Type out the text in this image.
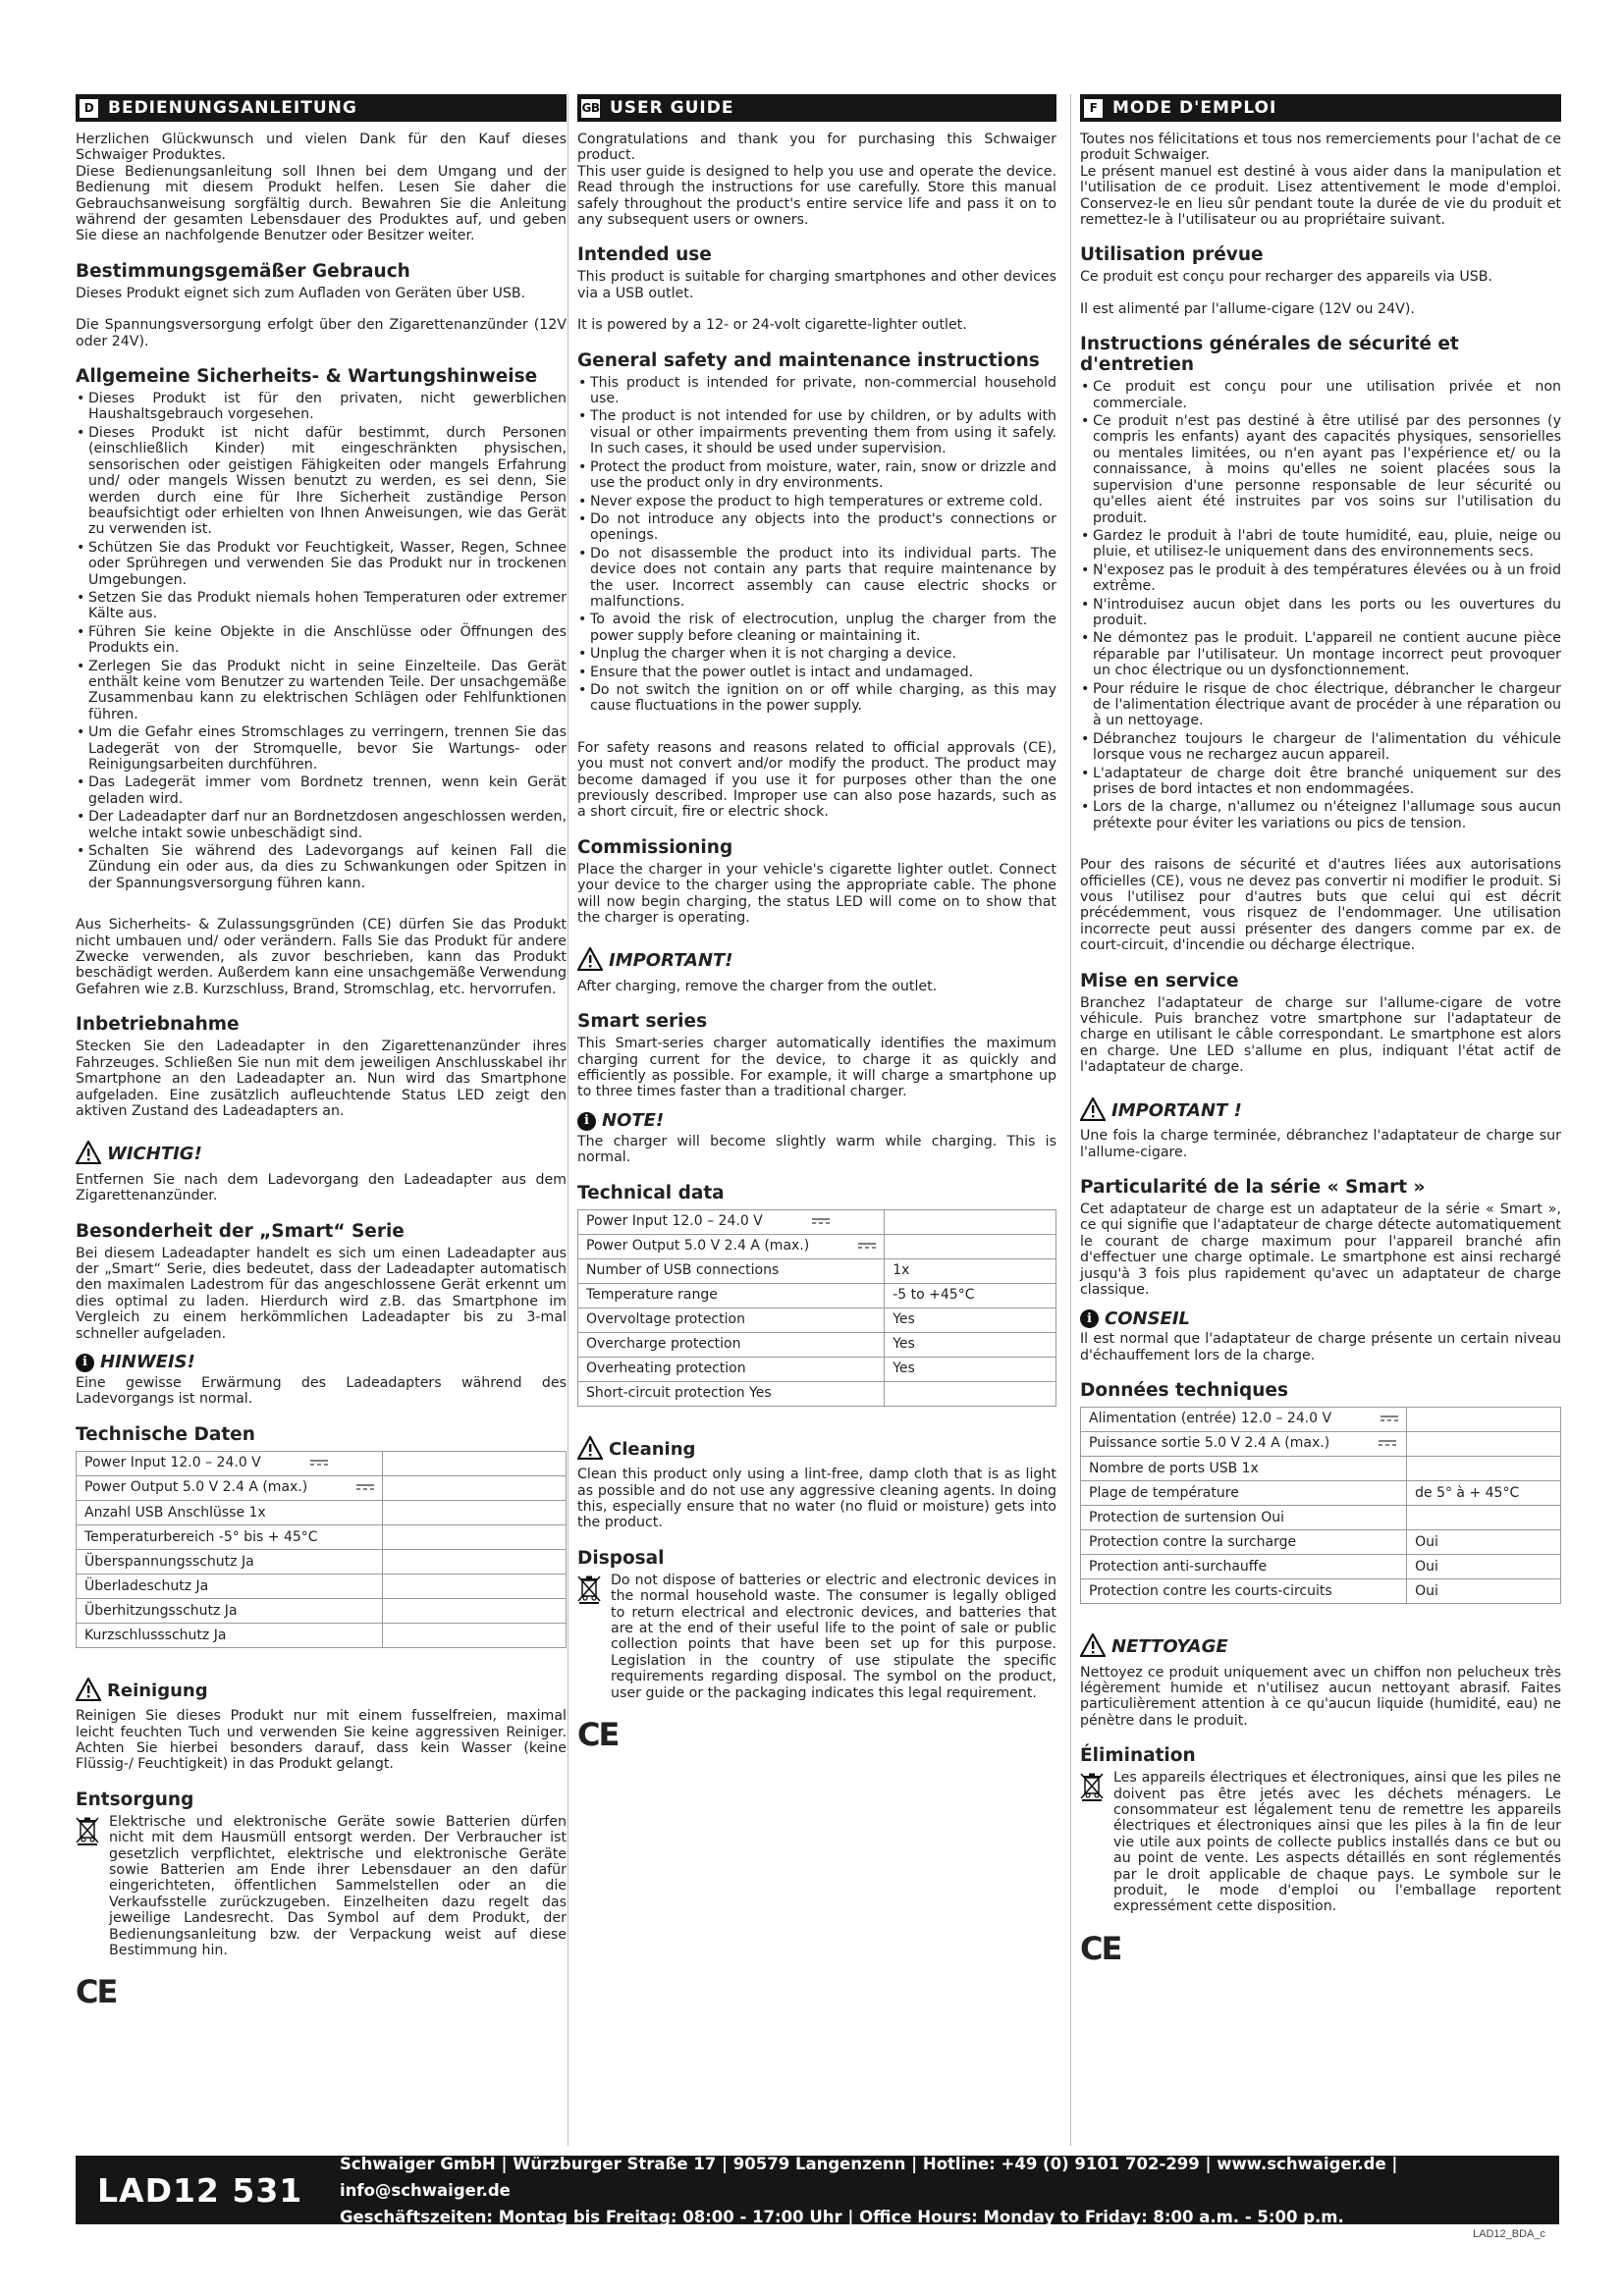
D BEDIENUNGSANLEITUNG

Herzlichen Glückwunsch und vielen Dank für den Kauf dieses Schwaiger Produktes.

Diese Bedienungsanleitung soll Ihnen bei dem Umgang und der Bedienung mit diesem Produkt helfen. Lesen Sie daher die Gebrauchsanweisung sorgfältig durch. Bewahren Sie die Anleitung während der gesamten Lebensdauer des Produktes auf, und geben Sie diese an nachfolgende Benutzer oder Besitzer weiter.

Bestimmungsgemäßer Gebrauch

Dieses Produkt eignet sich zum Aufladen von Geräten über USB.

Die Spannungsversorgung erfolgt über den Zigarettenanzünder (12V oder 24V).

Allgemeine Sicherheits- & Wartungshinweise
• Dieses Produkt ist für den privaten, nicht gewerblichen Haushaltsgebrauch vorgesehen.
• Dieses Produkt ist nicht dafür bestimmt, durch Personen (einschließlich Kinder) mit eingeschränkten physischen, sensorischen oder geistigen Fähigkeiten oder mangels Erfahrung und/ oder mangels Wissen benutzt zu werden, es sei denn, Sie werden durch eine für Ihre Sicherheit zuständige Person beaufsichtigt oder erhielten von Ihnen Anweisungen, wie das Gerät zu verwenden ist.
• Schützen Sie das Produkt vor Feuchtigkeit, Wasser, Regen, Schnee oder Sprühregen und verwenden Sie das Produkt nur in trockenen Umgebungen.
• Setzen Sie das Produkt niemals hohen Temperaturen oder extremer Kälte aus.
• Führen Sie keine Objekte in die Anschlüsse oder Öffnungen des Produkts ein.
• Zerlegen Sie das Produkt nicht in seine Einzelteile. Das Gerät enthält keine vom Benutzer zu wartenden Teile. Der unsachgemäße Zusammenbau kann zu elektrischen Schlägen oder Fehlfunktionen führen.
• Um die Gefahr eines Stromschlages zu verringern, trennen Sie das Ladegerät von der Stromquelle, bevor Sie Wartungs- oder Reinigungsarbeiten durchführen.
• Das Ladegerät immer vom Bordnetz trennen, wenn kein Gerät geladen wird.
• Der Ladeadapter darf nur an Bordnetzdosen angeschlossen werden, welche intakt sowie unbeschädigt sind.
• Schalten Sie während des Ladevorgangs auf keinen Fall die Zündung ein oder aus, da dies zu Schwankungen oder Spitzen in der Spannungsversorgung führen kann.

Aus Sicherheits- & Zulassungsgründen (CE) dürfen Sie das Produkt nicht umbauen und/ oder verändern. Falls Sie das Produkt für andere Zwecke verwenden, als zuvor beschrieben, kann das Produkt beschädigt werden. Außerdem kann eine unsachgemäße Verwendung Gefahren wie z.B. Kurzschluss, Brand, Stromschlag, etc. hervorrufen.

Inbetriebnahme

Stecken Sie den Ladeadapter in den Zigarettenanzünder ihres Fahrzeuges. Schließen Sie nun mit dem jeweiligen Anschlusskabel ihr Smartphone an den Ladeadapter an. Nun wird das Smartphone aufgeladen. Eine zusätzlich aufleuchtende Status LED zeigt den aktiven Zustand des Ladeadapters an.

WICHTIG!

Entfernen Sie nach dem Ladevorgang den Ladeadapter aus dem Zigarettenanzünder.

Besonderheit der „Smart“ Serie

Bei diesem Ladeadapter handelt es sich um einen Ladeadapter aus der „Smart“ Serie, dies bedeutet, dass der Ladeadapter automatisch den maximalen Ladestrom für das angeschlossene Gerät erkennt um dies optimal zu laden. Hierdurch wird z.B. das Smartphone im Vergleich zu einem herkömmlichen Ladeadapter bis zu 3-mal schneller aufgeladen.

i HINWEIS!

Eine gewisse Erwärmung des Ladeadapters während des Ladevorgangs ist normal.

Technische Daten
Power Input 12.0 – 24.0 V	
Power Output 5.0 V 2.4 A (max.)	
Anzahl USB Anschlüsse 1x	
Temperaturbereich -5° bis + 45°C	
Überspannungsschutz Ja	
Überladeschutz Ja	
Überhitzungsschutz Ja	
Kurzschlussschutz Ja	
Reinigung

Reinigen Sie dieses Produkt nur mit einem fusselfreien, maximal leicht feuchten Tuch und verwenden Sie keine aggressiven Reiniger. Achten Sie hierbei besonders darauf, dass kein Wasser (keine Flüssig-/ Feuchtigkeit) in das Produkt gelangt.

Entsorgung

Elektrische und elektronische Geräte sowie Batterien dürfen nicht mit dem Hausmüll entsorgt werden. Der Verbraucher ist gesetzlich verpflichtet, elektrische und elektronische Geräte sowie Batterien am Ende ihrer Lebensdauer an den dafür eingerichteten, öffentlichen Sammelstellen oder an die Verkaufsstelle zurückzugeben. Einzelheiten dazu regelt das jeweilige Landesrecht. Das Symbol auf dem Produkt, der Bedienungsanleitung bzw. der Verpackung weist auf diese Bestimmung hin.

CE
GB USER GUIDE

Congratulations and thank you for purchasing this Schwaiger product.

This user guide is designed to help you use and operate the device. Read through the instructions for use carefully. Store this manual safely throughout the product's entire service life and pass it on to any subsequent users or owners.

Intended use

This product is suitable for charging smartphones and other devices via a USB outlet.

It is powered by a 12- or 24-volt cigarette-lighter outlet.

General safety and maintenance instructions
• This product is intended for private, non-commercial household use.
• The product is not intended for use by children, or by adults with visual or other impairments preventing them from using it safely. In such cases, it should be used under supervision.
• Protect the product from moisture, water, rain, snow or drizzle and use the product only in dry environments.
• Never expose the product to high temperatures or extreme cold.
• Do not introduce any objects into the product's connections or openings.
• Do not disassemble the product into its individual parts. The device does not contain any parts that require maintenance by the user. Incorrect assembly can cause electric shocks or malfunctions.
• To avoid the risk of electrocution, unplug the charger from the power supply before cleaning or maintaining it.
• Unplug the charger when it is not charging a device.
• Ensure that the power outlet is intact and undamaged.
• Do not switch the ignition on or off while charging, as this may cause fluctuations in the power supply.

For safety reasons and reasons related to official approvals (CE), you must not convert and/or modify the product. The product may become damaged if you use it for purposes other than the one previously described. Improper use can also pose hazards, such as a short circuit, fire or electric shock.

Commissioning

Place the charger in your vehicle's cigarette lighter outlet. Connect your device to the charger using the appropriate cable. The phone will now begin charging, the status LED will come on to show that the charger is operating.

IMPORTANT!

After charging, remove the charger from the outlet.

Smart series

This Smart-series charger automatically identifies the maximum charging current for the device, to charge it as quickly and efficiently as possible. For example, it will charge a smartphone up to three times faster than a traditional charger.

i NOTE!

The charger will become slightly warm while charging. This is normal.

Technical data
Power Input 12.0 – 24.0 V	
Power Output 5.0 V 2.4 A (max.)	
Number of USB connections	1x
Temperature range	-5 to +45°C
Overvoltage protection	Yes
Overcharge protection	Yes
Overheating protection	Yes
Short-circuit protection Yes	
Cleaning

Clean this product only using a lint-free, damp cloth that is as light as possible and do not use any aggressive cleaning agents. In doing this, especially ensure that no water (no fluid or moisture) gets into the product.

Disposal

Do not dispose of batteries or electric and electronic devices in the normal household waste. The consumer is legally obliged to return electrical and electronic devices, and batteries that are at the end of their useful life to the point of sale or public collection points that have been set up for this purpose. Legislation in the country of use stipulate the specific requirements regarding disposal. The symbol on the product, user guide or the packaging indicates this legal requirement.

CE
F MODE D'EMPLOI

Toutes nos félicitations et tous nos remerciements pour l'achat de ce produit Schwaiger.

Le présent manuel est destiné à vous aider dans la manipulation et l'utilisation de ce produit. Lisez attentivement le mode d'emploi. Conservez-le en lieu sûr pendant toute la durée de vie du produit et remettez-le à l'utilisateur ou au propriétaire suivant.

Utilisation prévue

Ce produit est conçu pour recharger des appareils via USB.

Il est alimenté par l'allume-cigare (12V ou 24V).

Instructions générales de sécurité et d'entretien
• Ce produit est conçu pour une utilisation privée et non commerciale.
• Ce produit n'est pas destiné à être utilisé par des personnes (y compris les enfants) ayant des capacités physiques, sensorielles ou mentales limitées, ou n'en ayant pas l'expérience et/ ou la connaissance, à moins qu'elles ne soient placées sous la supervision d'une personne responsable de leur sécurité ou qu'elles aient été instruites par vos soins sur l'utilisation du produit.
• Gardez le produit à l'abri de toute humidité, eau, pluie, neige ou pluie, et utilisez-le uniquement dans des environnements secs.
• N'exposez pas le produit à des températures élevées ou à un froid extrême.
• N'introduisez aucun objet dans les ports ou les ouvertures du produit.
• Ne démontez pas le produit. L'appareil ne contient aucune pièce réparable par l'utilisateur. Un montage incorrect peut provoquer un choc électrique ou un dysfonctionnement.
• Pour réduire le risque de choc électrique, débrancher le chargeur de l'alimentation électrique avant de procéder à une réparation ou à un nettoyage.
• Débranchez toujours le chargeur de l'alimentation du véhicule lorsque vous ne rechargez aucun appareil.
• L'adaptateur de charge doit être branché uniquement sur des prises de bord intactes et non endommagées.
• Lors de la charge, n'allumez ou n'éteignez l'allumage sous aucun prétexte pour éviter les variations ou pics de tension.

Pour des raisons de sécurité et d'autres liées aux autorisations officielles (CE), vous ne devez pas convertir ni modifier le produit. Si vous l'utilisez pour d'autres buts que celui qui est décrit précédemment, vous risquez de l'endommager. Une utilisation incorrecte peut aussi présenter des dangers comme par ex. de court-circuit, d'incendie ou décharge électrique.

Mise en service

Branchez l'adaptateur de charge sur l'allume-cigare de votre véhicule. Puis branchez votre smartphone sur l'adaptateur de charge en utilisant le câble correspondant. Le smartphone est alors en charge. Une LED s'allume en plus, indiquant l'état actif de l'adaptateur de charge.

IMPORTANT !

Une fois la charge terminée, débranchez l'adaptateur de charge sur l'allume-cigare.

Particularité de la série « Smart »

Cet adaptateur de charge est un adaptateur de la série « Smart », ce qui signifie que l'adaptateur de charge détecte automatiquement le courant de charge maximum pour l'appareil branché afin d'effectuer une charge optimale. Le smartphone est ainsi rechargé jusqu'à 3 fois plus rapidement qu'avec un adaptateur de charge classique.

i CONSEIL

Il est normal que l'adaptateur de charge présente un certain niveau d'échauffement lors de la charge.

Données techniques
Alimentation (entrée) 12.0 – 24.0 V	
Puissance sortie 5.0 V 2.4 A (max.)	
Nombre de ports USB 1x	
Plage de température	de 5° à + 45°C
Protection de surtension Oui	
Protection contre la surcharge	Oui
Protection anti-surchauffe	Oui
Protection contre les courts-circuits	Oui
NETTOYAGE

Nettoyez ce produit uniquement avec un chiffon non pelucheux très légèrement humide et n'utilisez aucun nettoyant abrasif. Faites particulièrement attention à ce qu'aucun liquide (humidité, eau) ne pénètre dans le produit.

Élimination

Les appareils électriques et électroniques, ainsi que les piles ne doivent pas être jetés avec les déchets ménagers. Le consommateur est légalement tenu de remettre les appareils électriques et électroniques ainsi que les piles à la fin de leur vie utile aux points de collecte publics installés dans ce but ou au point de vente. Les aspects détaillés en sont réglementés par le droit applicable de chaque pays. Le symbole sur le produit, le mode d'emploi ou l'emballage reportent expressément cette disposition.

CE
LAD12 531
Schwaiger GmbH | Würzburger Straße 17 | 90579 Langenzenn | Hotline: +49 (0) 9101 702-299 | www.schwaiger.de | info@schwaiger.de
Geschäftszeiten: Montag bis Freitag: 08:00 - 17:00 Uhr | Office Hours: Monday to Friday: 8:00 a.m. - 5:00 p.m.
LAD12_BDA_c
